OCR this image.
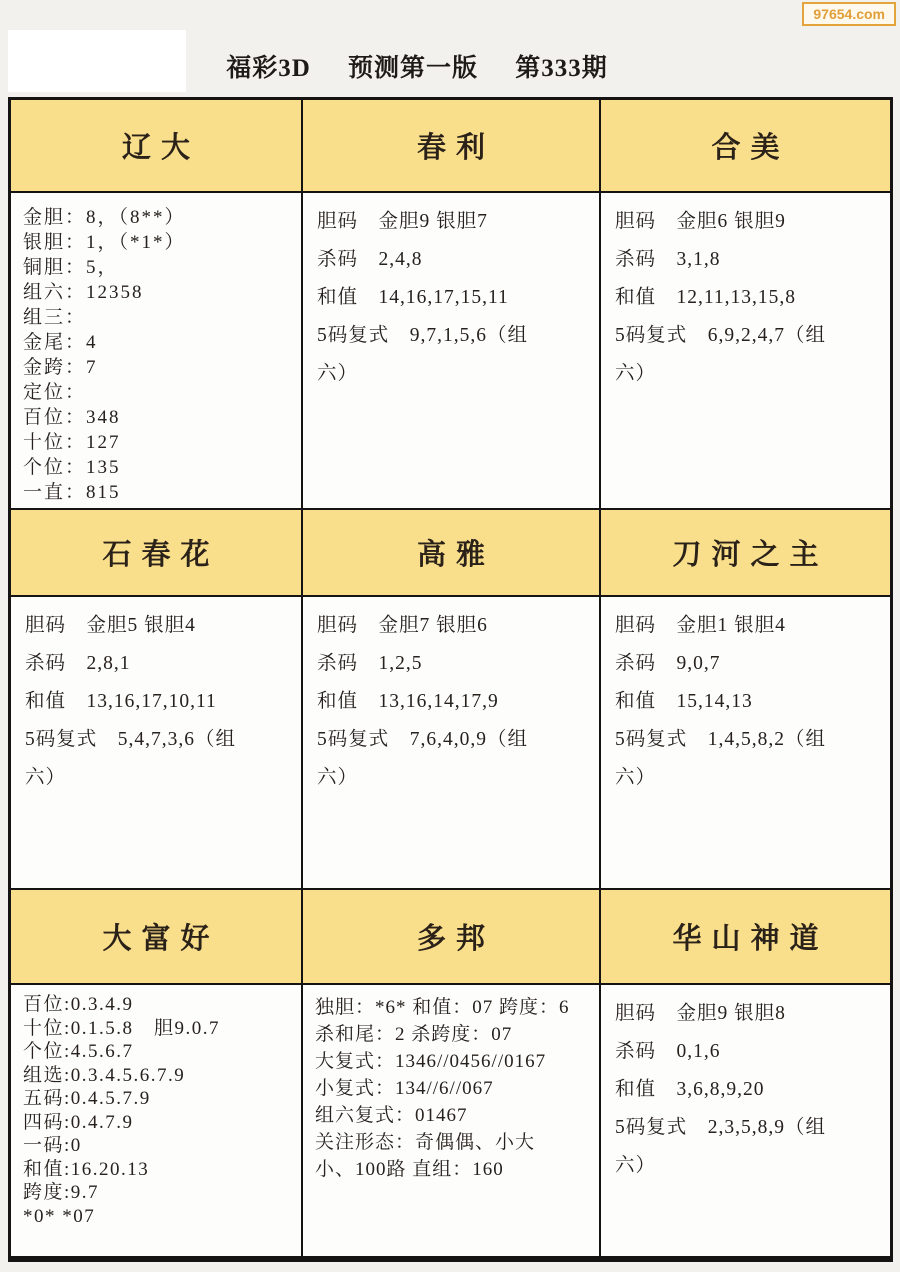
福彩3D 预测第一版 第333期
97654.com
辽大	春利	合美
金胆：8，（8**）
银胆：1，（*1*）
铜胆：5，
组六：12358
组三：
金尾：4
金跨：7
定位：
百位：348
十位：127
个位：135
一直：815
胆码　金胆9 银胆7
杀码　2,4,8
和值　14,16,17,15,11
5码复式　9,7,1,5,6（组
六）
胆码　金胆6 银胆9
杀码　3,1,8
和值　12,11,13,15,8
5码复式　6,9,2,4,7（组
六）
石春花	高雅	刀河之主
胆码　金胆5 银胆4
杀码　2,8,1
和值　13,16,17,10,11
5码复式　5,4,7,3,6（组
六）
胆码　金胆7 银胆6
杀码　1,2,5
和值　13,16,14,17,9
5码复式　7,6,4,0,9（组
六）
胆码　金胆1 银胆4
杀码　9,0,7
和值　15,14,13
5码复式　1,4,5,8,2（组
六）
大富好	多邦	华山神道
百位:0.3.4.9
十位:0.1.5.8　胆9.0.7
个位:4.5.6.7
组选:0.3.4.5.6.7.9
五码:0.4.5.7.9
四码:0.4.7.9
一码:0
和值:16.20.13
跨度:9.7
*0* *07
独胆：*6* 和值：07 跨度：6
杀和尾：2 杀跨度：07
大复式：1346//0456//0167
小复式：134//6//067
组六复式：01467
关注形态：奇偶偶、小大
小、100路 直组：160
胆码　金胆9 银胆8
杀码　0,1,6
和值　3,6,8,9,20
5码复式　2,3,5,8,9（组
六）
